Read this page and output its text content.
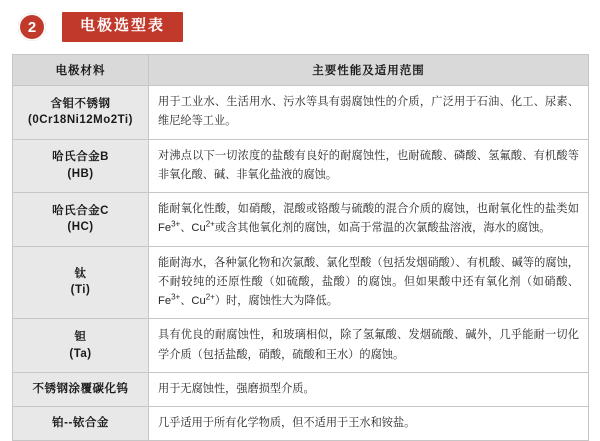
2	电极选型表
电极材料	主要性能及适用范围

含钼不锈钢
(0Cr18Ni12Mo2Ti)	用于工业水、生活用水、污水等具有弱腐蚀性的介质，广泛用于石油、化工、尿素、维尼纶等工业。

哈氏合金B
(HB)	对沸点以下一切浓度的盐酸有良好的耐腐蚀性，也耐硫酸、磷酸、氢氟酸、有机酸等非氧化酸、碱、非氧化盐液的腐蚀。

哈氏合金C
(HC)	能耐氧化性酸，如硝酸，混酸或铬酸与硫酸的混合介质的腐蚀，也耐氧化性的盐类如$Fe^{3+}$、$Cu^{2+}$或含其他氧化剂的腐蚀，如高于常温的次氯酸盐溶液，海水的腐蚀。

钛
(Ti)	能耐海水，各种氯化物和次氯酸、氯化型酸（包括发烟硝酸）、有机酸、碱等的腐蚀，不耐较纯的还原性酸（如硫酸，盐酸）的腐蚀。但如果酸中还有氧化剂（如硝酸、$Fe^{3+}$、$Cu^{2+}$）时，腐蚀性大为降低。

钽
(Ta)	具有优良的耐腐蚀性，和玻璃相似，除了氢氟酸、发烟硫酸、碱外，几乎能耐一切化学介质（包括盐酸，硝酸，硫酸和王水）的腐蚀。

不锈钢涂覆碳化钨	用于无腐蚀性，强磨损型介质。

铂--铱合金	几乎适用于所有化学物质，但不适用于王水和铵盐。
